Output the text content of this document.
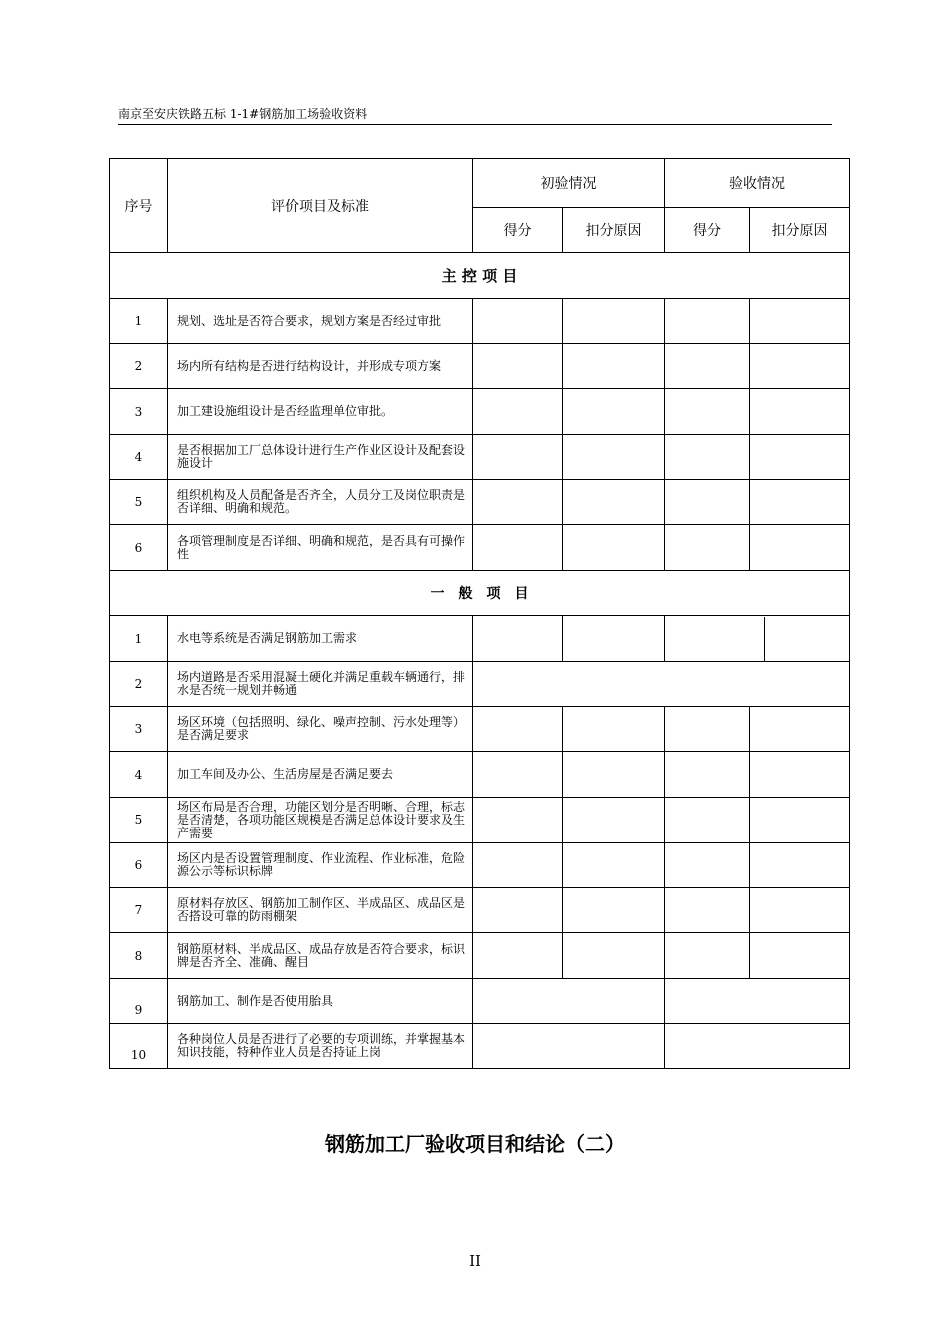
南京至安庆铁路五标 1-1#钢筋加工场验收资料
序号	评价项目及标准	初验情况	验收情况
得分	扣分原因	得分	扣分原因
主 控 项 目
1	规划、选址是否符合要求，规划方案是否经过审批				
2	场内所有结构是否进行结构设计，并形成专项方案				
3	加工建设施组设计是否经监理单位审批。				
4	是否根据加工厂总体设计进行生产作业区设计及配套设施设计				
5	组织机构及人员配备是否齐全，人员分工及岗位职责是否详细、明确和规范。				
6	各项管理制度是否详细、明确和规范，是否具有可操作性				
一　般　项　目
1	水电等系统是否满足钢筋加工需求			

2	场内道路是否采用混凝土硬化并满足重载车辆通行，排水是否统一规划并畅通	
3	场区环境（包括照明、绿化、噪声控制、污水处理等）是否满足要求				
4	加工车间及办公、生活房屋是否满足要去				
5	场区布局是否合理，功能区划分是否明晰、合理，标志是否清楚，各项功能区规模是否满足总体设计要求及生产需要				
6	场区内是否设置管理制度、作业流程、作业标准，危险源公示等标识标牌				
7	原材料存放区、钢筋加工制作区、半成品区、成品区是否搭设可靠的防雨棚架				
8	钢筋原材料、半成品区、成品存放是否符合要求，标识牌是否齐全、准确、醒目				
9	钢筋加工、制作是否使用胎具		
10	各种岗位人员是否进行了必要的专项训练，并掌握基本知识技能，特种作业人员是否持证上岗		
钢筋加工厂验收项目和结论（二）
II
